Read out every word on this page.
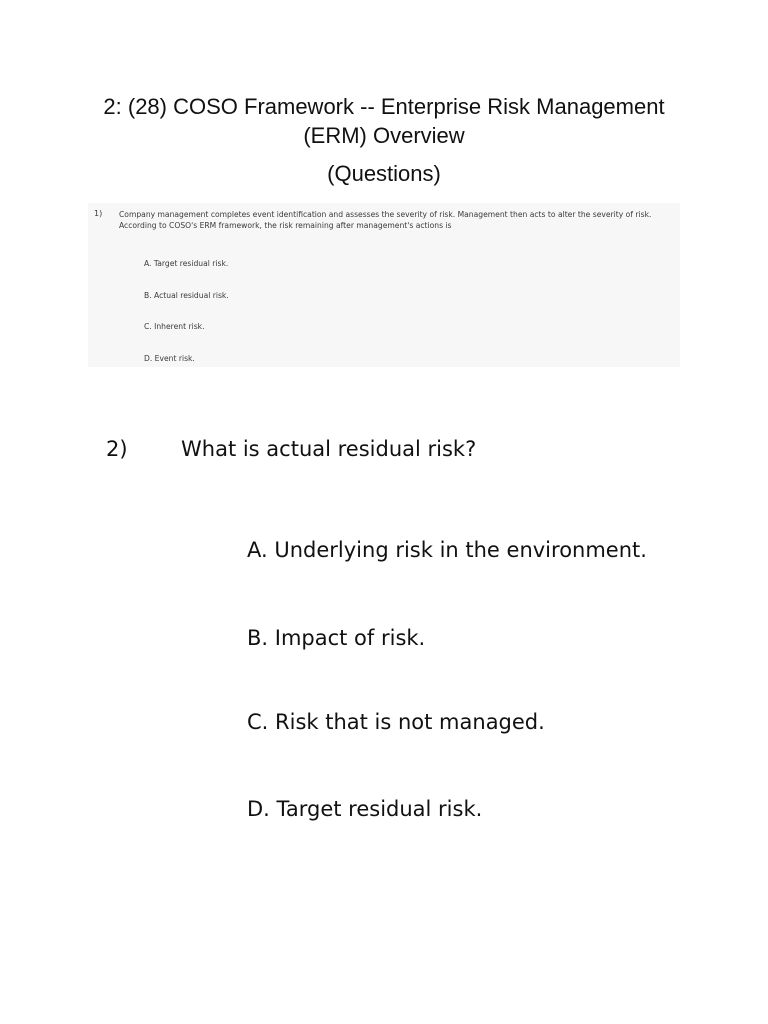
2: (28) COSO Framework -- Enterprise Risk Management
(ERM) Overview
(Questions)
1) Company management completes event identification and assesses the severity of risk. Management then acts to alter the severity of risk. According to COSO's ERM framework, the risk remaining after management's actions is
A. Target residual risk.
B. Actual residual risk.
C. Inherent risk.
D. Event risk.
2)	What is actual residual risk?
A. Underlying risk in the environment.
B. Impact of risk.
C. Risk that is not managed.
D. Target residual risk.
